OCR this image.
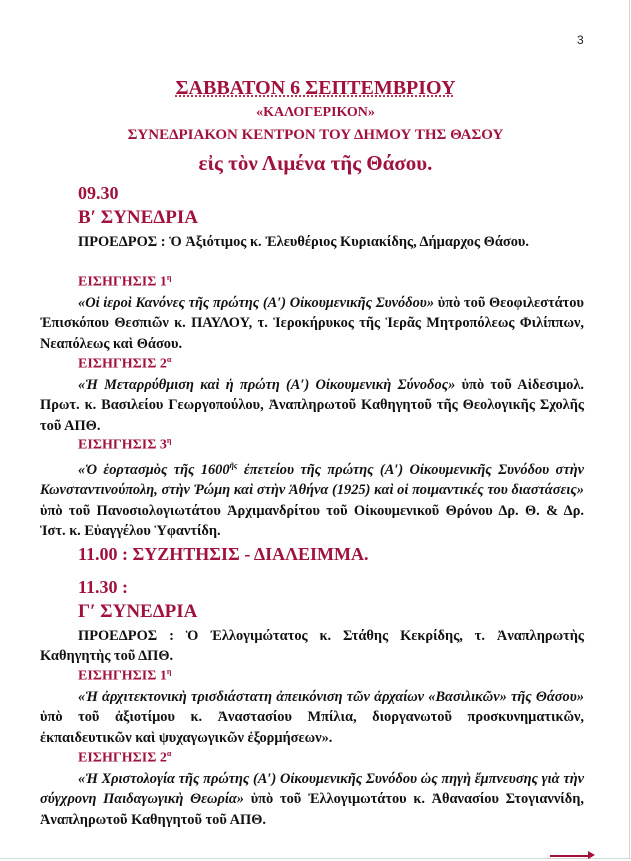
3
ΣΑΒΒΑΤΟΝ 6 ΣΕΠΤΕΜΒΡΙΟΥ
«ΚΑΛΟΓΕΡΙΚΟΝ»
ΣΥΝΕΔΡΙΑΚΟΝ ΚΕΝΤΡΟΝ ΤΟΥ ΔΗΜΟΥ ΤΗΣ ΘΑΣΟΥ
εἰς τὸν Λιμένα τῆς Θάσου.
09.30
Β′ ΣΥΝΕΔΡΙΑ
ΠΡΟΕΔΡΟΣ : Ὁ Ἀξιότιμος κ. Ἐλευθέριος Κυριακίδης, Δήμαρχος Θάσου.
ΕΙΣΗΓΗΣΙΣ $1^\eta$
«Οἱ ἱεροὶ Κανόνες τῆς πρώτης (Α′) Οἰκουμενικῆς Συνόδου» ὑπὸ τοῦ Θεοφιλεστάτου Ἐπισκόπου Θεσπιῶν κ. ΠΑΥΛΟΥ, τ. Ἱεροκήρυκος τῆς Ἱερᾶς Μητροπόλεως Φιλίππων, Νεαπόλεως καὶ Θάσου.
ΕΙΣΗΓΗΣΙΣ $2^\alpha$
«Ἡ Μεταρρύθμιση καὶ ἡ πρώτη (Α′) Οἰκουμενικὴ Σύνοδος» ὑπὸ τοῦ Αἰδεσιμολ. Πρωτ. κ. Βασιλείου Γεωργοπούλου, Ἀναπληρωτοῦ Καθηγητοῦ τῆς Θεολογικῆς Σχολῆς τοῦ ΑΠΘ.
ΕΙΣΗΓΗΣΙΣ $3^\eta$
«Ὁ ἑορτασμὸς τῆς $1600^{ῆ\varsigma}$ ἐπετείου τῆς πρώτης (Α′) Οἰκουμενικῆς Συνόδου στὴν Κωνσταντινούπολη, στὴν Ῥώμη καὶ στὴν Ἀθήνα (1925) καὶ οἱ ποιμαντικές του διαστάσεις» ὑπὸ τοῦ Πανοσιολογιωτάτου Ἀρχιμανδρίτου τοῦ Οἰκουμενικοῦ Θρόνου Δρ. Θ. & Δρ. Ἱστ. κ. Εὐαγγέλου Ὑφαντίδη.
11.00 : ΣΥΖΗΤΗΣΙΣ - ΔΙΑΛΕΙΜΜΑ.
11.30 :
Γ′ ΣΥΝΕΔΡΙΑ
ΠΡΟΕΔΡΟΣ : Ὁ Ἐλλογιμώτατος κ. Στάθης Κεκρίδης, τ. Ἀναπληρωτὴς Καθηγητὴς τοῦ ΔΠΘ.
ΕΙΣΗΓΗΣΙΣ $1^\eta$
«Ἡ ἀρχιτεκτονικὴ τρισδιάστατη ἀπεικόνιση τῶν ἀρχαίων «Βασιλικῶν» τῆς Θάσου» ὑπὸ τοῦ ἀξιοτίμου κ. Ἀναστασίου Μπίλια, διοργανωτοῦ προσκυνηματικῶν, ἐκπαιδευτικῶν καὶ ψυχαγωγικῶν ἐξορμήσεων».
ΕΙΣΗΓΗΣΙΣ $2^\alpha$
«Ἡ Χριστολογία τῆς πρώτης (Α′) Οἰκουμενικῆς Συνόδου ὡς πηγὴ ἔμπνευσης γιὰ τὴν σύγχρονη Παιδαγωγικὴ Θεωρία» ὑπὸ τοῦ Ἐλλογιμωτάτου κ. Ἀθανασίου Στογιαννίδη, Ἀναπληρωτοῦ Καθηγητοῦ τοῦ ΑΠΘ.
